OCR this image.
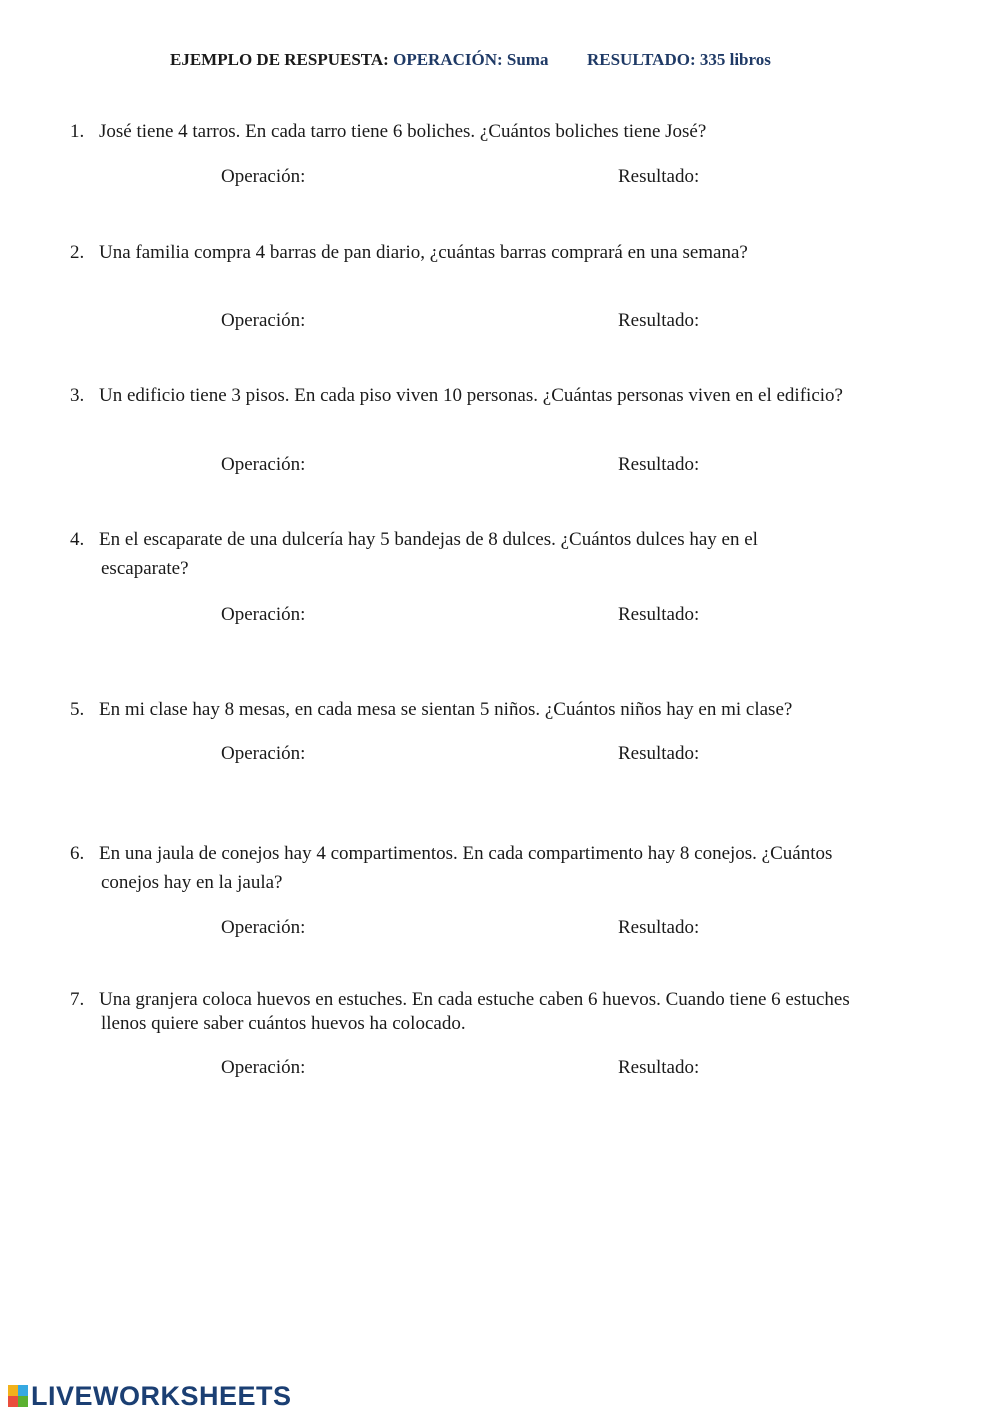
EJEMPLO DE RESPUESTA: OPERACIÓN: Suma RESULTADO: 335 libros
1. José tiene 4 tarros. En cada tarro tiene 6 boliches. ¿Cuántos boliches tiene José?
Operación:	Resultado:
2. Una familia compra 4 barras de pan diario, ¿cuántas barras comprará en una semana?
Operación:	Resultado:
3. Un edificio tiene 3 pisos. En cada piso viven 10 personas. ¿Cuántas personas viven en el edificio?
Operación:	Resultado:
4. En el escaparate de una dulcería hay 5 bandejas de 8 dulces. ¿Cuántos dulces hay en el
escaparate?
Operación:	Resultado:
5. En mi clase hay 8 mesas, en cada mesa se sientan 5 niños. ¿Cuántos niños hay en mi clase?
Operación:	Resultado:
6. En una jaula de conejos hay 4 compartimentos. En cada compartimento hay 8 conejos. ¿Cuántos
conejos hay en la jaula?
Operación:	Resultado:
7. Una granjera coloca huevos en estuches. En cada estuche caben 6 huevos. Cuando tiene 6 estuches
llenos quiere saber cuántos huevos ha colocado.
Operación:	Resultado:
LIVEWORKSHEETS
